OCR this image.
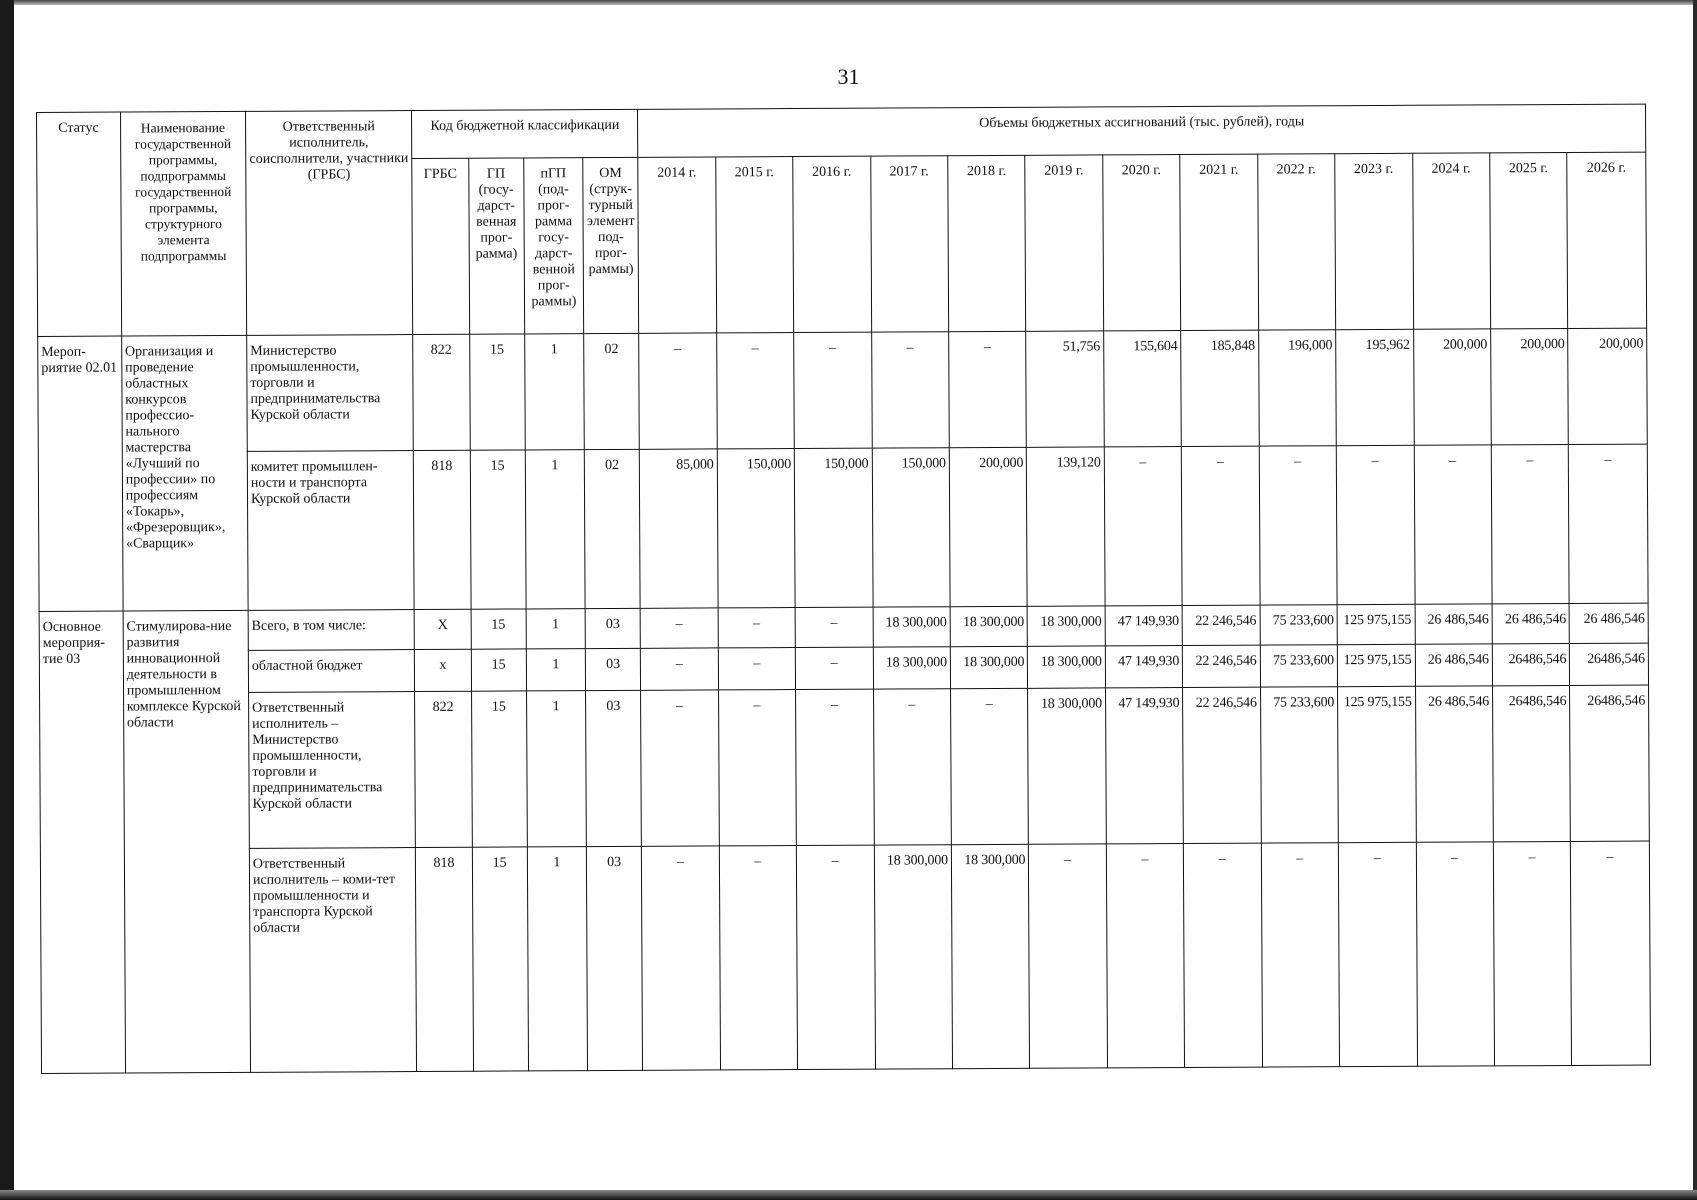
31
Статус	Наименование государственной программы, подпрограммы государственной программы, структурного элемента подпрограммы	Ответственный исполнитель, соисполнители, участники (ГРБС)	Код бюджетной классификации				Объемы бюджетных ассигнований (тыс. рублей), годы												
			ГРБС	ГП (госу-дарст-венная прог-рамма)	пГП (под-прог-рамма госу-дарст-венной прог-раммы)	ОМ (струк-турный элемент под-прог-раммы)	2014 г.	2015 г.	2016 г.	2017 г.	2018 г.	2019 г.	2020 г.	2021 г.	2022 г.	2023 г.	2024 г.	2025 г.	2026 г.
Мероп-риятие 02.01	Организация и проведение областных конкурсов профессио-нального мастерства «Лучший по профессии» по профессиям «Токарь», «Фрезеровщик», «Сварщик»	Министерство промышленности, торговли и предпринимательства Курской области	822	15	1	02	–	–	–	–	–	51,756	155,604	185,848	196,000	195,962	200,000	200,000	200,000
		комитет промышлен-ности и транспорта Курской области	818	15	1	02	85,000	150,000	150,000	150,000	200,000	139,120	–	–	–	–	–	–	–
Основное мероприя-тие 03	Стимулирова-ние развития инновационной деятельности в промышленном комплексе Курской области	Всего, в том числе:	Х	15	1	03	–	–	–	18 300,000	18 300,000	18 300,000	47 149,930	22 246,546	75 233,600	125 975,155	26 486,546	26 486,546	26 486,546
		областной бюджет	х	15	1	03	–	–	–	18 300,000	18 300,000	18 300,000	47 149,930	22 246,546	75 233,600	125 975,155	26 486,546	26486,546	26486,546
		Ответственный исполнитель – Министерство промышленности, торговли и предпринимательства Курской области	822	15	1	03	–	–	–	–	–	18 300,000	47 149,930	22 246,546	75 233,600	125 975,155	26 486,546	26486,546	26486,546
		Ответственный исполнитель – коми-тет промышленности и транспорта Курской области	818	15	1	03	–	–	–	18 300,000	18 300,000	–	–	–	–	–	–	–	–
